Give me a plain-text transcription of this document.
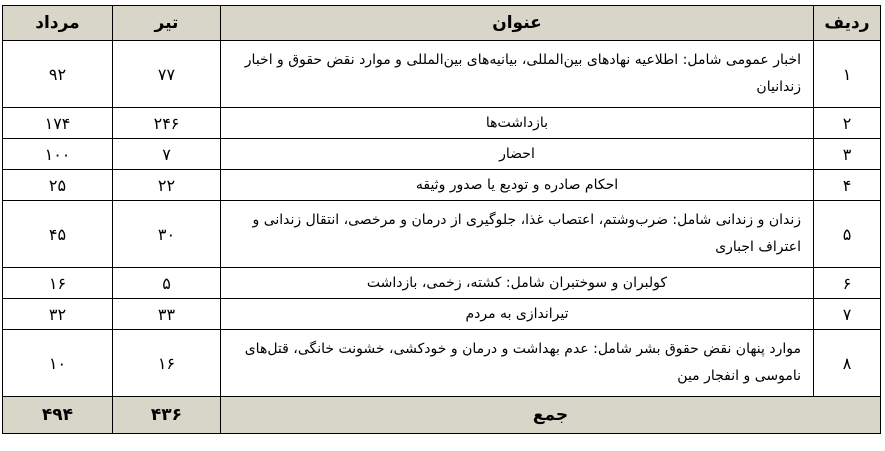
ردیف	عنوان	تیر	مرداد
۱	اخبار عمومی شامل: اطلاعیه نهادهای بین‌المللی، بیانیه‌های بین‌المللی و موارد نقض حقوق و اخبار زندانیان	۷۷	۹۲
۲	بازداشت‌ها	۲۴۶	۱۷۴
۳	احضار	۷	۱۰۰
۴	احکام صادره و تودیع یا صدور وثیقه	۲۲	۲۵
۵	زندان و زندانی شامل: ضرب‌وشتم، اعتصاب غذا، جلوگیری از درمان و مرخصی، انتقال زندانی و اعتراف اجباری	۳۰	۴۵
۶	کولبران و سوختبران شامل: کشته، زخمی، بازداشت	۵	۱۶
۷	تیراندازی به مردم	۳۳	۳۲
۸	موارد پنهان نقض حقوق بشر شامل: عدم بهداشت و درمان و خودکشی، خشونت خانگی، قتل‌های ناموسی و انفجار مین	۱۶	۱۰
جمع		۴۳۶	۴۹۴
